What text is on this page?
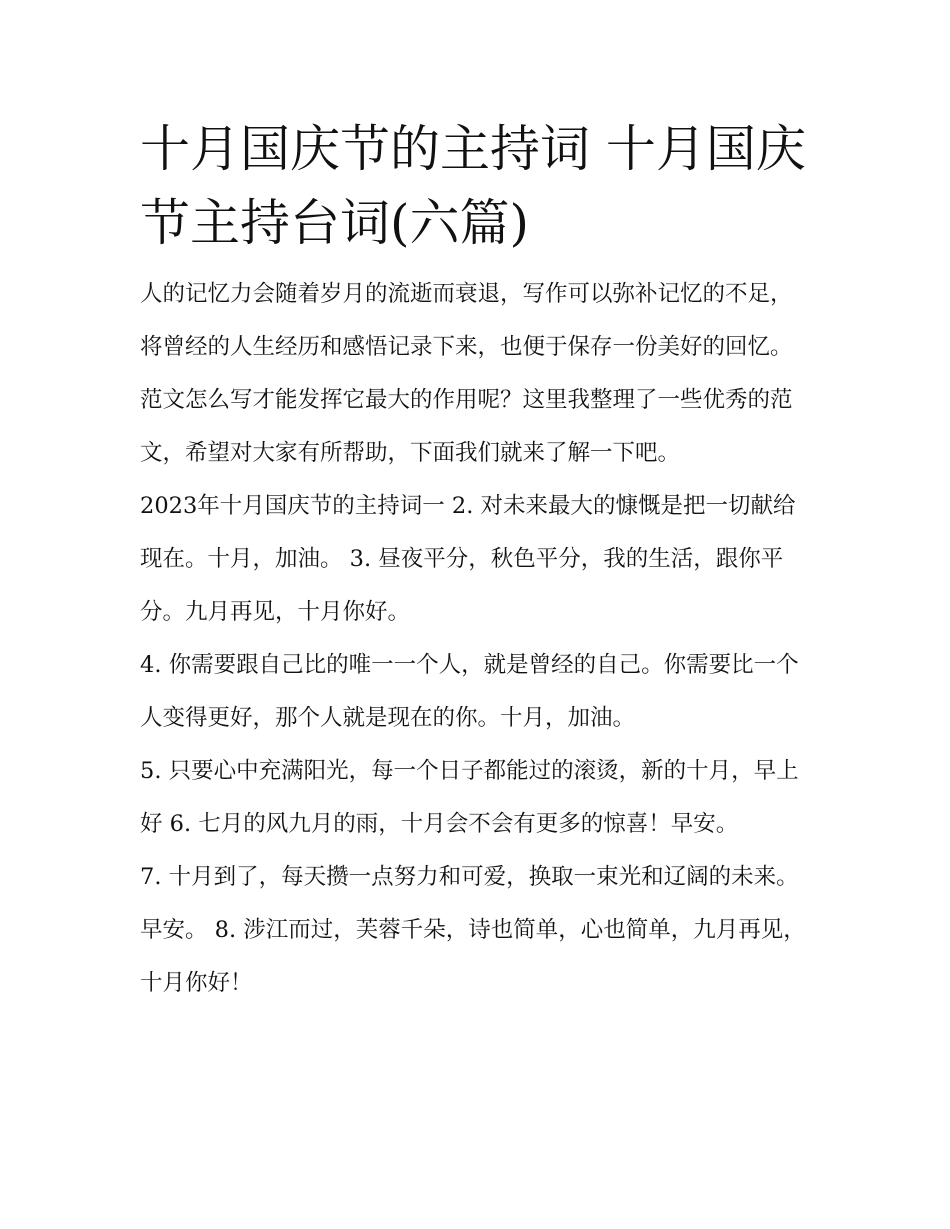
十月国庆节的主持词 十月国庆节主持台词(六篇)

人的记忆力会随着岁月的流逝而衰退，写作可以弥补记忆的不足，将曾经的人生经历和感悟记录下来，也便于保存一份美好的回忆。范文怎么写才能发挥它最大的作用呢？这里我整理了一些优秀的范文，希望对大家有所帮助，下面我们就来了解一下吧。

2023年十月国庆节的主持词一 2. 对未来最大的慷慨是把一切献给现在。十月，加油。 3. 昼夜平分，秋色平分，我的生活，跟你平分。九月再见，十月你好。

4. 你需要跟自己比的唯一一个人，就是曾经的自己。你需要比一个人变得更好，那个人就是现在的你。十月，加油。

5. 只要心中充满阳光，每一个日子都能过的滚烫，新的十月，早上好 6. 七月的风九月的雨，十月会不会有更多的惊喜！早安。

7. 十月到了，每天攒一点努力和可爱，换取一束光和辽阔的未来。早安。 8. 涉江而过，芙蓉千朵，诗也简单，心也简单，九月再见，十月你好！
